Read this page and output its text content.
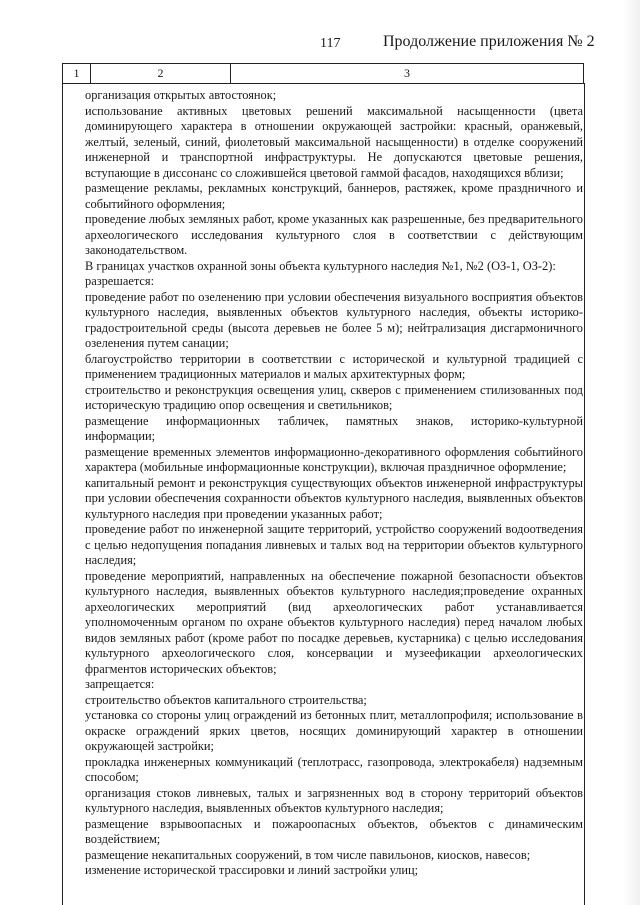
117	Продолжение приложения № 2
1	2	3

организация открытых автостоянок;

использование активных цветовых решений максимальной насыщенности (цвета доминирующего характера в отношении окружающей застройки: красный, оранжевый, желтый, зеленый, синий, фиолетовый максимальной насыщенности) в отделке сооружений инженерной и транспортной инфраструктуры. Не допускаются цветовые решения, вступающие в диссонанс со сложившейся цветовой гаммой фасадов, находящихся вблизи;

размещение рекламы, рекламных конструкций, баннеров, растяжек, кроме праздничного и событийного оформления;

проведение любых земляных работ, кроме указанных как разрешенные, без предварительного археологического исследования культурного слоя в соответствии с действующим законодательством.

В границах участков охранной зоны объекта культурного наследия №1, №2 (ОЗ-1, ОЗ-2):

разрешается:

проведение работ по озеленению при условии обеспечения визуального восприятия объектов культурного наследия, выявленных объектов культурного наследия, объекты историко-градостроительной среды (высота деревьев не более 5 м); нейтрализация дисгармоничного озеленения путем санации;

благоустройство территории в соответствии с исторической и культурной традицией с применением традиционных материалов и малых архитектурных форм;

строительство и реконструкция освещения улиц, скверов с применением стилизованных под историческую традицию опор освещения и светильников;

размещение информационных табличек, памятных знаков, историко-культурной информации;

размещение временных элементов информационно-декоративного оформления событийного характера (мобильные информационные конструкции), включая праздничное оформление;

капитальный ремонт и реконструкция существующих объектов инженерной инфраструктуры при условии обеспечения сохранности объектов культурного наследия, выявленных объектов культурного наследия при проведении указанных работ;

проведение работ по инженерной защите территорий, устройство сооружений водоотведения с целью недопущения попадания ливневых и талых вод на территории объектов культурного наследия;

проведение мероприятий, направленных на обеспечение пожарной безопасности объектов культурного наследия, выявленных объектов культурного наследия;проведение охранных археологических мероприятий (вид археологических работ устанавливается уполномоченным органом по охране объектов культурного наследия) перед началом любых видов земляных работ (кроме работ по посадке деревьев, кустарника) с целью исследования культурного археологического слоя, консервации и музеефикации археологических фрагментов исторических объектов;

запрещается:

строительство объектов капитального строительства;

установка со стороны улиц ограждений из бетонных плит, металлопрофиля; использование в окраске ограждений ярких цветов, носящих доминирующий характер в отношении окружающей застройки;

прокладка инженерных коммуникаций (теплотрасс, газопровода, электрокабеля) надземным способом;

организация стоков ливневых, талых и загрязненных вод в сторону территорий объектов культурного наследия, выявленных объектов культурного наследия;

размещение взрывоопасных и пожароопасных объектов, объектов с динамическим воздействием;

размещение некапитальных сооружений, в том числе павильонов, киосков, навесов;

изменение исторической трассировки и линий застройки улиц;
